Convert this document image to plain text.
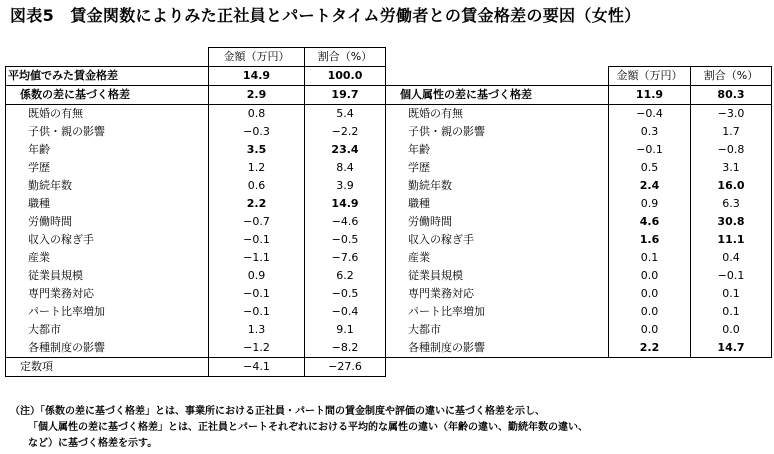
図表5　賃金関数によりみた正社員とパートタイム労働者との賃金格差の要因（女性）
	金額（万円）	割合（%）			
平均値でみた賃金格差	14.9	100.0		金額（万円）	割合（%）
係数の差に基づく格差	2.9	19.7	個人属性の差に基づく格差	11.9	80.3
既婚の有無	0.8	5.4	既婚の有無	−0.4	−3.0
子供・親の影響	−0.3	−2.2	子供・親の影響	0.3	1.7
年齢	3.5	23.4	年齢	−0.1	−0.8
学歴	1.2	8.4	学歴	0.5	3.1
勤続年数	0.6	3.9	勤続年数	2.4	16.0
職種	2.2	14.9	職種	0.9	6.3
労働時間	−0.7	−4.6	労働時間	4.6	30.8
収入の稼ぎ手	−0.1	−0.5	収入の稼ぎ手	1.6	11.1
産業	−1.1	−7.6	産業	0.1	0.4
従業員規模	0.9	6.2	従業員規模	0.0	−0.1
専門業務対応	−0.1	−0.5	専門業務対応	0.0	0.1
パート比率増加	−0.1	−0.4	パート比率増加	0.0	0.1
大都市	1.3	9.1	大都市	0.0	0.0
各種制度の影響	−1.2	−8.2	各種制度の影響	2.2	14.7
定数項	−4.1	−27.6			
（注）「係数の差に基づく格差」とは、事業所における正社員・パート間の賃金制度や評価の違いに基づく格差を示し、
「個人属性の差に基づく格差」とは、正社員とパートそれぞれにおける平均的な属性の違い（年齢の違い、勤続年数の違い、
など）に基づく格差を示す。
